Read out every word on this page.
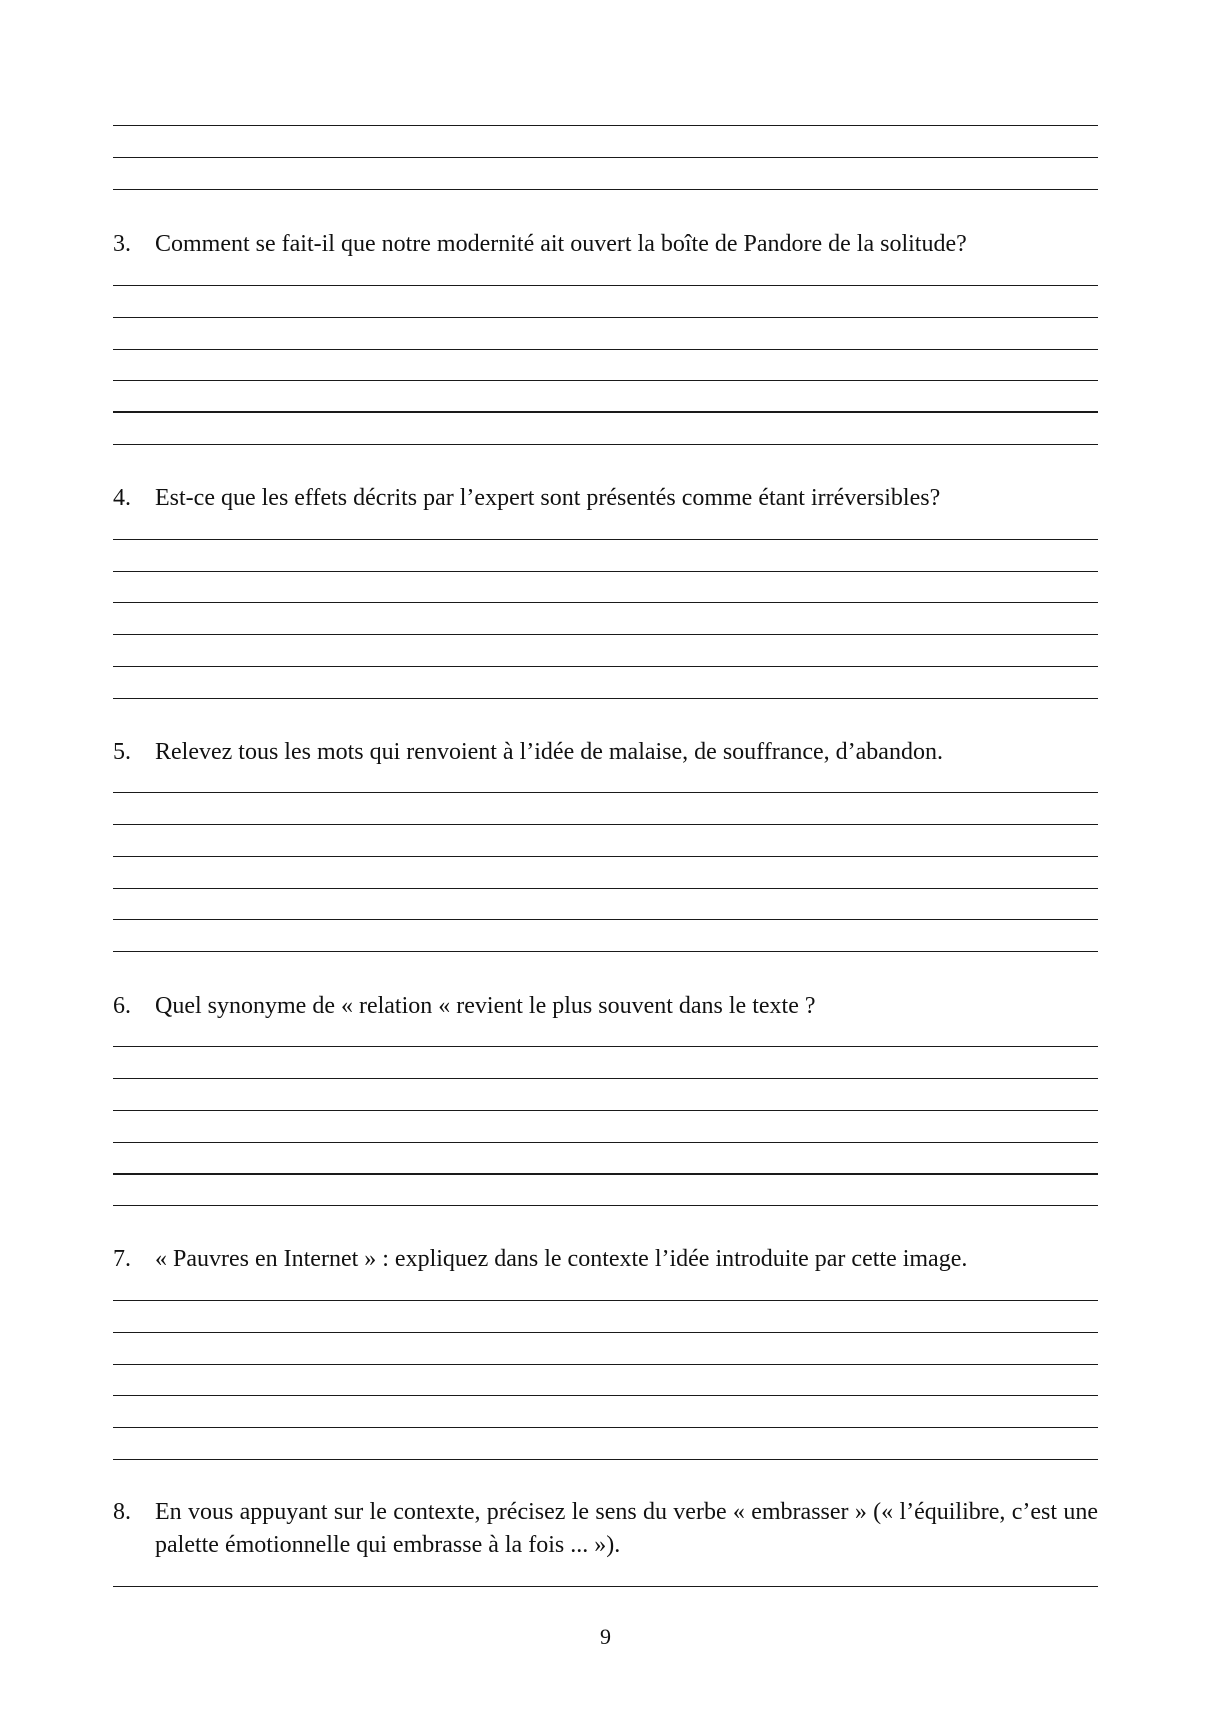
3. Comment se fait-il que notre modernité ait ouvert la boîte de Pandore de la solitude?
4. Est-ce que les effets décrits par l’expert sont présentés comme étant irréversibles?
5. Relevez tous les mots qui renvoient à l’idée de malaise, de souffrance, d’abandon.
6. Quel synonyme de « relation « revient le plus souvent dans le texte ?
7. « Pauvres en Internet » : expliquez dans le contexte l’idée introduite par cette image.
8. En vous appuyant sur le contexte, précisez le sens du verbe « embrasser » (« l’équilibre, c’est une palette émotionnelle qui embrasse à la fois ... »).
9
